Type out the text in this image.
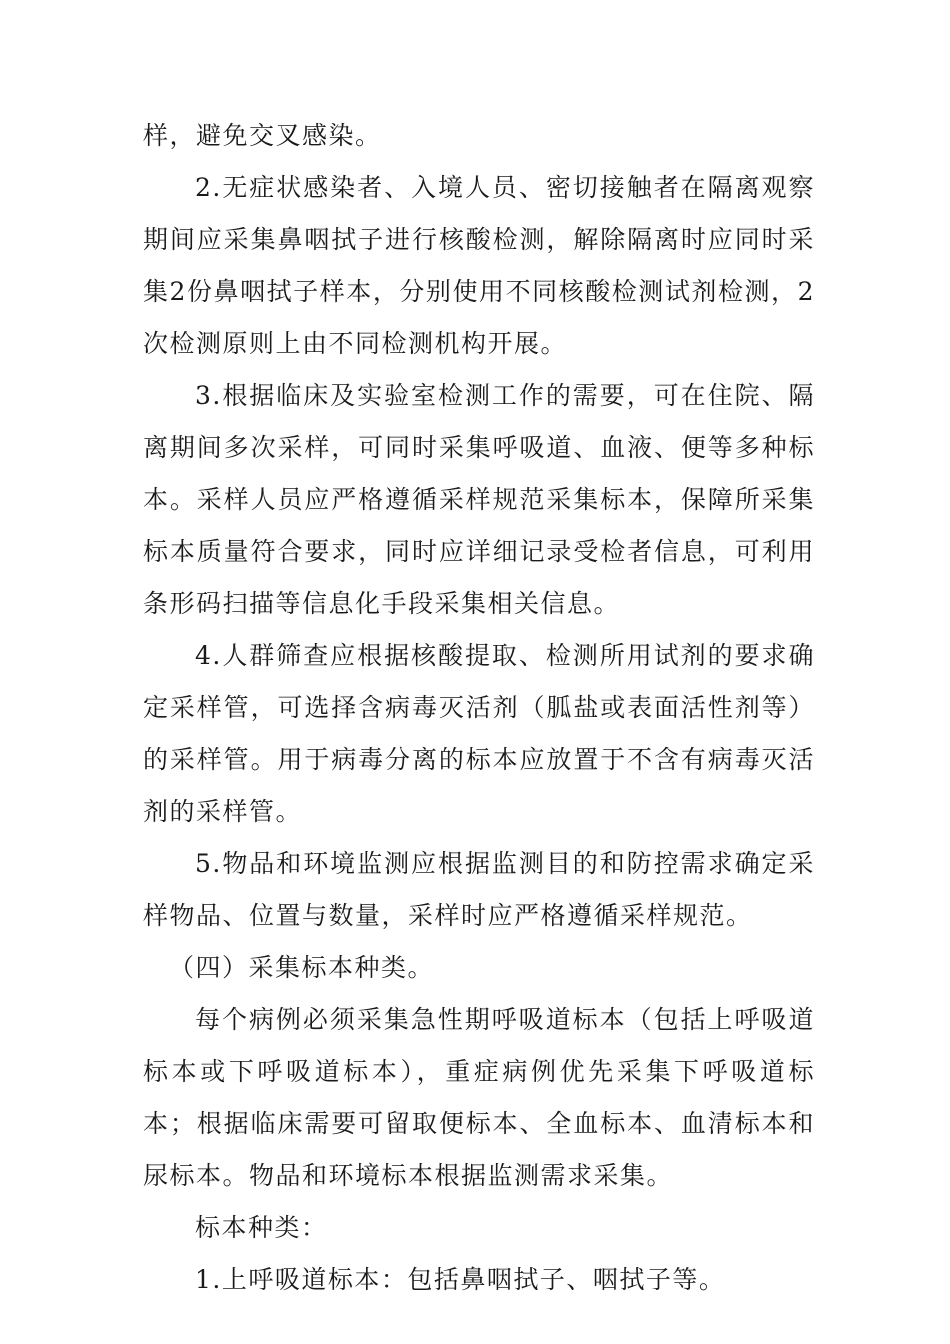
样，避免交叉感染。

2.无症状感染者、入境人员、密切接触者在隔离观察期间应采集鼻咽拭子进行核酸检测，解除隔离时应同时采集2份鼻咽拭子样本，分别使用不同核酸检测试剂检测，2次检测原则上由不同检测机构开展。

3.根据临床及实验室检测工作的需要，可在住院、隔离期间多次采样，可同时采集呼吸道、血液、便等多种标本。采样人员应严格遵循采样规范采集标本，保障所采集标本质量符合要求，同时应详细记录受检者信息，可利用条形码扫描等信息化手段采集相关信息。

4.人群筛查应根据核酸提取、检测所用试剂的要求确定采样管，可选择含病毒灭活剂（胍盐或表面活性剂等）的采样管。用于病毒分离的标本应放置于不含有病毒灭活剂的采样管。

5.物品和环境监测应根据监测目的和防控需求确定采样物品、位置与数量，采样时应严格遵循采样规范。

（四）采集标本种类。

每个病例必须采集急性期呼吸道标本（包括上呼吸道标本或下呼吸道标本），重症病例优先采集下呼吸道标本；根据临床需要可留取便标本、全血标本、血清标本和尿标本。物品和环境标本根据监测需求采集。

标本种类：

1.上呼吸道标本：包括鼻咽拭子、咽拭子等。
